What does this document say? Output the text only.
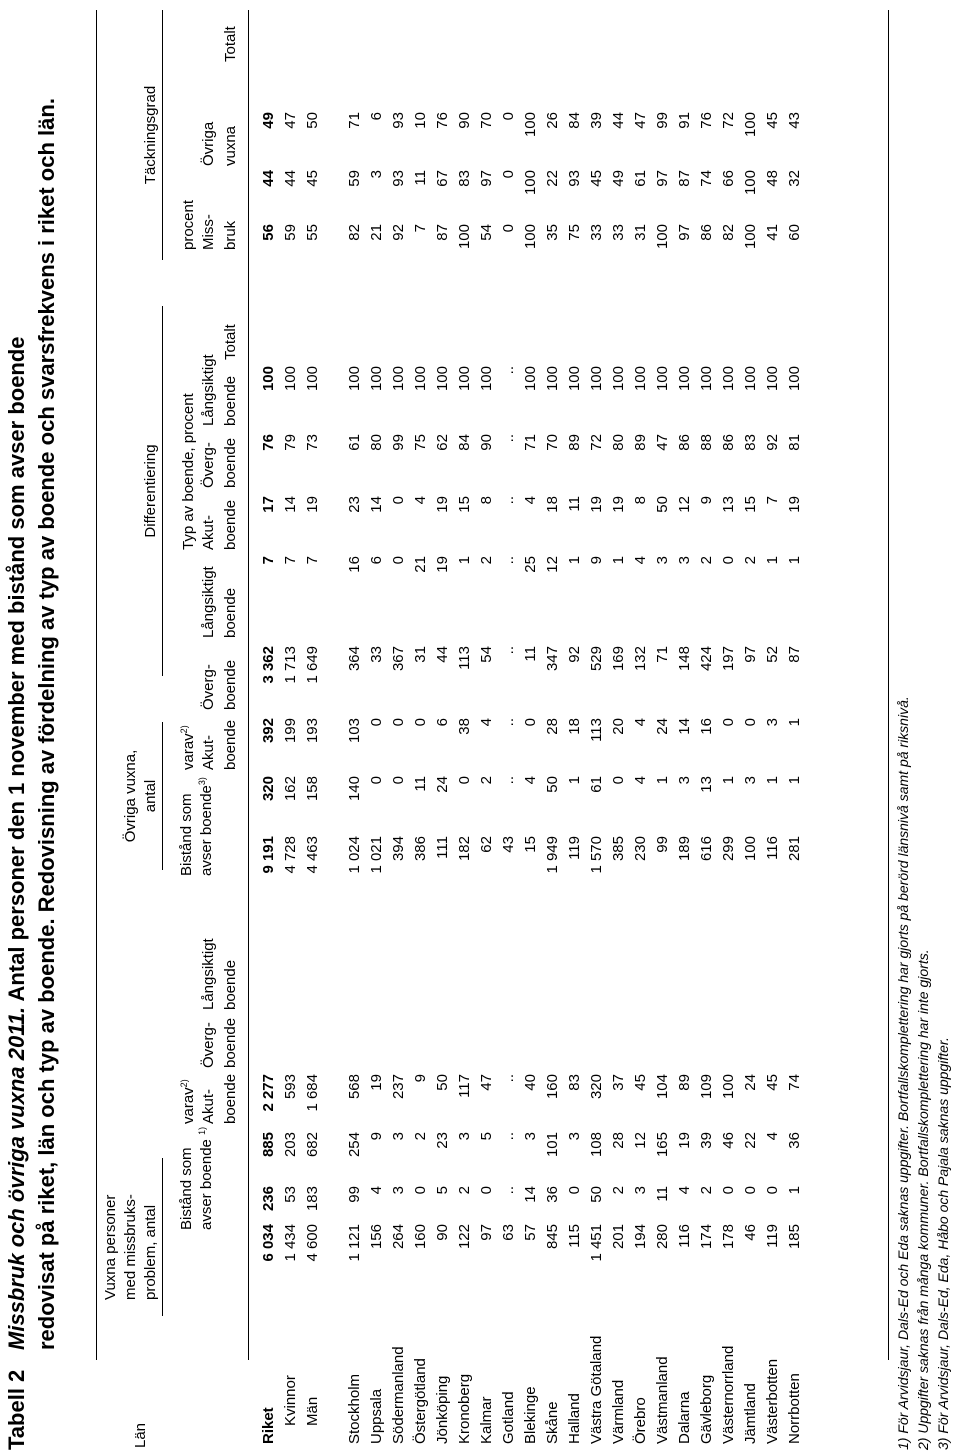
Tabell 2
Missbruk och övriga vuxna 2011. Antal personer den 1 november med bistånd som avser boende redovisat på riket, län och typ av boende. Redovisning av fördelning av typ av boende och svarsfrekvens i riket och län.
Län
Vuxna personer med missbruks- problem, antal
Övriga vuxna, antal
Differentiering
Täckningsgrad
Bistånd som avser boende $^{1)}$
varav$^{2)}$
Akut- boende
Överg- boende
Långsiktigt boende
Bistånd som avser boende$^{3)}$
varav$^{2)}$
Akut- boende
Överg- boende
Långsiktigt boende
Typ av boende, procent Akut- boende
Överg- boende
Långsiktigt boende
Totalt
procent Miss- bruk
Övriga vuxna
Totalt
Riket
6 034
236
885
2 277
9 191
320
392
3 362
7
17
76
100
56
44
49
Kvinnor
1 434
53
203
593
4 728
162
199
1 713
7
14
79
100
59
44
47
Män
4 600
183
682
1 684
4 463
158
193
1 649
7
19
73
100
55
45
50
Stockholm
1 121
99
254
568
1 024
140
103
364
16
23
61
100
82
59
71
Uppsala
156
4
9
19
1 021
0
0
33
6
14
80
100
21
3
6
Södermanland
264
3
3
237
394
0
0
367
0
0
99
100
92
93
93
Östergötland
160
0
2
9
386
11
0
31
21
4
75
100
7
11
10
Jönköping
90
5
23
50
111
24
6
44
19
19
62
100
87
67
76
Kronoberg
122
2
3
117
182
0
38
113
1
15
84
100
100
83
90
Kalmar
97
0
5
47
62
2
4
54
2
8
90
100
54
97
70
Gotland
63
..
..
..
43
..
..
..
..
..
..
..
0
0
0
Blekinge
57
14
3
40
15
4
0
11
25
4
71
100
100
100
100
Skåne
845
36
101
160
1 949
50
28
347
12
18
70
100
35
22
26
Halland
115
0
3
83
119
1
18
92
1
11
89
100
75
93
84
Västra Götaland
1 451
50
108
320
1 570
61
113
529
9
19
72
100
33
45
39
Värmland
201
2
28
37
385
0
20
169
1
19
80
100
33
49
44
Örebro
194
3
12
45
230
4
4
132
4
8
89
100
31
61
47
Västmanland
280
11
165
104
99
1
24
71
3
50
47
100
100
97
99
Dalarna
116
4
19
89
189
3
14
148
3
12
86
100
97
87
91
Gävleborg
174
2
39
109
616
13
16
424
2
9
88
100
86
74
76
Västernorrland
178
0
46
100
299
1
0
197
0
13
86
100
82
66
72
Jämtland
46
0
22
24
100
3
0
97
2
15
83
100
100
100
100
Västerbotten
119
0
4
45
116
1
3
52
1
7
92
100
41
48
45
Norrbotten
185
1
36
74
281
1
1
87
1
19
81
100
60
32
43
1) För Arvidsjaur, Dals-Ed och Eda saknas uppgifter. Bortfallskomplettering har gjorts på berörd länsnivå samt på riksnivå. 2) Uppgifter saknas från många kommuner. Bortfallskomplettering har inte gjorts. 3) För Arvidsjaur, Dals-Ed, Eda, Håbo och Pajala saknas uppgifter.
